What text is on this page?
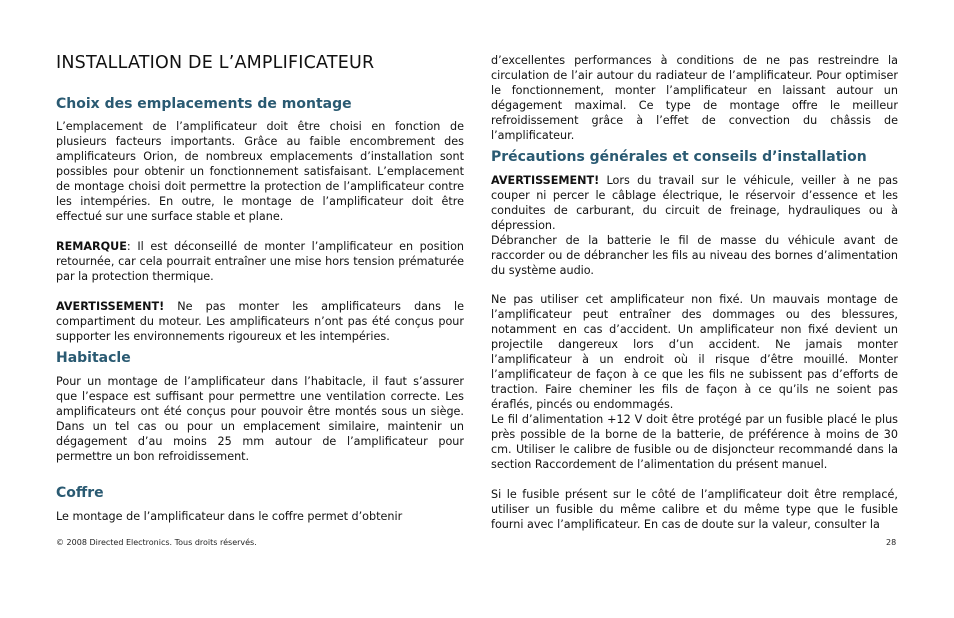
INSTALLATION DE L’AMPLIFICATEUR
Choix des emplacements de montage

L’emplacement de l’amplificateur doit être choisi en fonction de plusieurs facteurs importants. Grâce au faible encombrement des amplificateurs Orion, de nombreux emplacements d’installation sont possibles pour obtenir un fonctionnement satisfaisant. L’emplacement de montage choisi doit permettre la protection de l’amplificateur contre les intempéries. En outre, le montage de l’amplificateur doit être effectué sur une surface stable et plane.

REMARQUE: Il est déconseillé de monter l’amplificateur en position retournée, car cela pourrait entraîner une mise hors tension prématurée par la protection thermique.

AVERTISSEMENT! Ne pas monter les amplificateurs dans le compartiment du moteur. Les amplificateurs n’ont pas été conçus pour supporter les environnements rigoureux et les intempéries.

Habitacle

Pour un montage de l’amplificateur dans l’habitacle, il faut s’assurer que l’espace est suffisant pour permettre une ventilation correcte. Les amplificateurs ont été conçus pour pouvoir être montés sous un siège. Dans un tel cas ou pour un emplacement similaire, maintenir un dégagement d’au moins 25 mm autour de l’amplificateur pour permettre un bon refroidissement.

Coffre

Le montage de l’amplificateur dans le coffre permet d’obtenir

d’excellentes performances à conditions de ne pas restreindre la circulation de l’air autour du radiateur de l’amplificateur. Pour optimiser le fonctionnement, monter l’amplificateur en laissant autour un dégagement maximal. Ce type de montage offre le meilleur refroidissement grâce à l’effet de convection du châssis de l’amplificateur.

Précautions générales et conseils d’installation

AVERTISSEMENT! Lors du travail sur le véhicule, veiller à ne pas couper ni percer le câblage électrique, le réservoir d’essence et les conduites de carburant, du circuit de freinage, hydrauliques ou à dépression.

Débrancher de la batterie le fil de masse du véhicule avant de raccorder ou de débrancher les fils au niveau des bornes d’alimentation du système audio.

Ne pas utiliser cet amplificateur non fixé. Un mauvais montage de l’amplificateur peut entraîner des dommages ou des blessures, notamment en cas d’accident. Un amplificateur non fixé devient un projectile dangereux lors d’un accident. Ne jamais monter l’amplificateur à un endroit où il risque d’être mouillé. Monter l’amplificateur de façon à ce que les fils ne subissent pas d’efforts de traction. Faire cheminer les fils de façon à ce qu’ils ne soient pas éraflés, pincés ou endommagés.

Le fil d’alimentation +12 V doit être protégé par un fusible placé le plus près possible de la borne de la batterie, de préférence à moins de 30 cm. Utiliser le calibre de fusible ou de disjoncteur recommandé dans la section Raccordement de l’alimentation du présent manuel.

Si le fusible présent sur le côté de l’amplificateur doit être remplacé, utiliser un fusible du même calibre et du même type que le fusible fourni avec l’amplificateur. En cas de doute sur la valeur, consulter la

© 2008 Directed Electronics. Tous droits réservés.	28
